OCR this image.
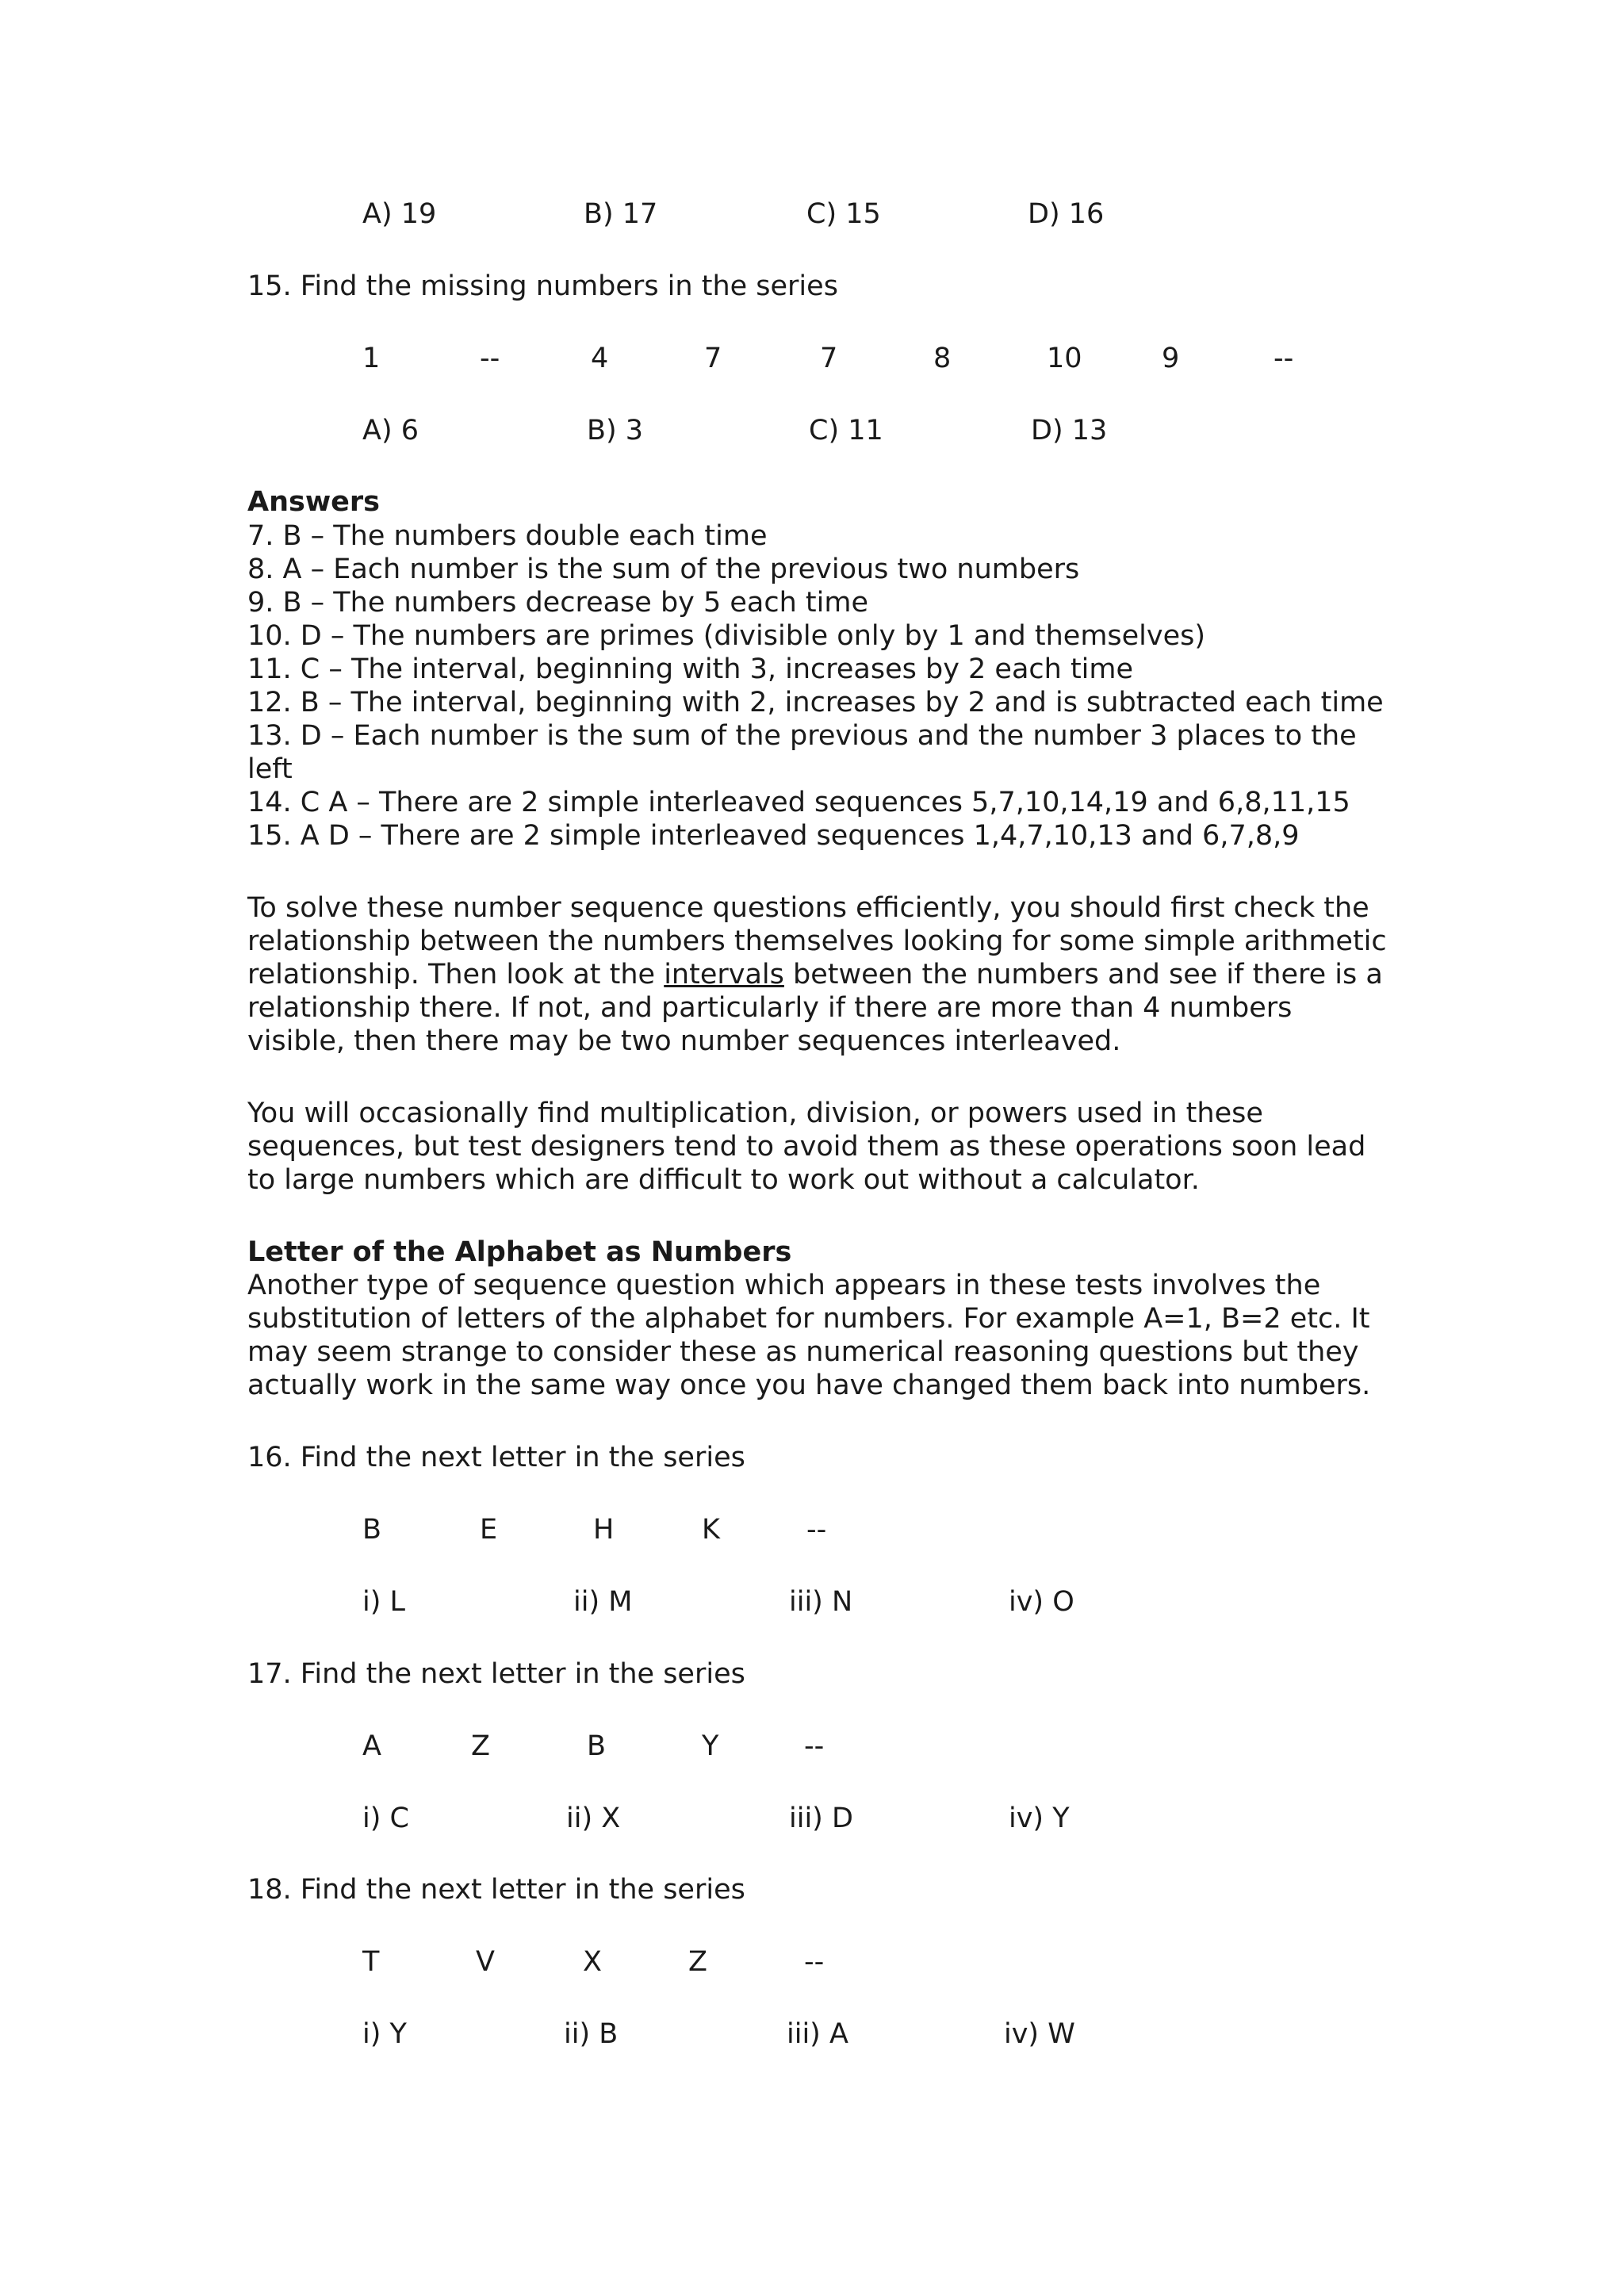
A) 19	B) 17	C) 15	D) 16
15. Find the missing numbers in the series
1	--	4	7	7	8	10	9	--
A) 6	B) 3	C) 11	D) 13
Answers
7. B – The numbers double each time
8. A – Each number is the sum of the previous two numbers
9. B – The numbers decrease by 5 each time
10. D – The numbers are primes (divisible only by 1 and themselves)
11. C – The interval, beginning with 3, increases by 2 each time
12. B – The interval, beginning with 2, increases by 2 and is subtracted each time
13. D – Each number is the sum of the previous and the number 3 places to the
left
14. C A – There are 2 simple interleaved sequences 5,7,10,14,19 and 6,8,11,15
15. A D – There are 2 simple interleaved sequences 1,4,7,10,13 and 6,7,8,9
To solve these number sequence questions efficiently, you should first check the
relationship between the numbers themselves looking for some simple arithmetic
relationship. Then look at the intervals between the numbers and see if there is a
relationship there. If not, and particularly if there are more than 4 numbers
visible, then there may be two number sequences interleaved.
You will occasionally find multiplication, division, or powers used in these
sequences, but test designers tend to avoid them as these operations soon lead
to large numbers which are difficult to work out without a calculator.
Letter of the Alphabet as Numbers
Another type of sequence question which appears in these tests involves the
substitution of letters of the alphabet for numbers. For example A=1, B=2 etc. It
may seem strange to consider these as numerical reasoning questions but they
actually work in the same way once you have changed them back into numbers.
16. Find the next letter in the series
B	E	H	K	--
i) L	ii) M	iii) N	iv) O
17. Find the next letter in the series
A	Z	B	Y	--
i) C	ii) X	iii) D	iv) Y
18. Find the next letter in the series
T	V	X	Z	--
i) Y	ii) B	iii) A	iv) W
